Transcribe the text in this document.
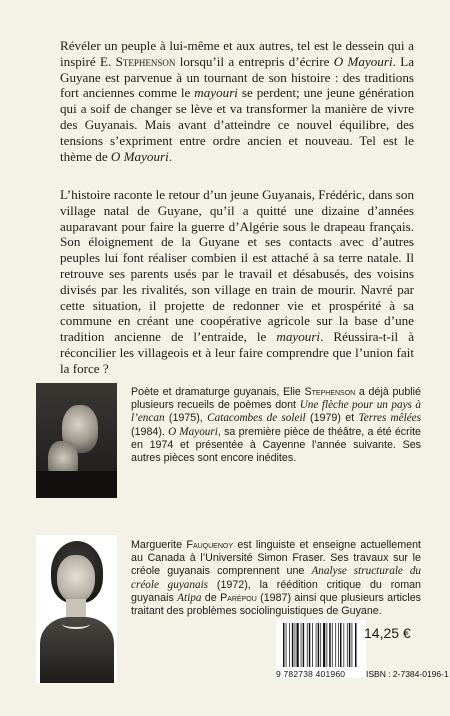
Révéler un peuple à lui-même et aux autres, tel est le dessein qui a inspiré E. Stephenson lorsqu’il a entrepris d’écrire O Mayouri. La Guyane est parvenue à un tournant de son histoire : des traditions fort anciennes comme le mayouri se perdent; une jeune génération qui a soif de changer se lève et va transformer la manière de vivre des Guyanais. Mais avant d’atteindre ce nouvel équilibre, des tensions s’expriment entre ordre ancien et nouveau. Tel est le thème de O Mayouri.

L’histoire raconte le retour d’un jeune Guyanais, Frédéric, dans son village natal de Guyane, qu’il a quitté une dizaine d’années auparavant pour faire la guerre d’Algérie sous le drapeau français. Son éloignement de la Guyane et ses contacts avec d’autres peuples lui font réaliser combien il est attaché à sa terre natale. Il retrouve ses parents usés par le travail et désabusés, des voisins divisés par les rivalités, son village en train de mourir. Navré par cette situation, il projette de redonner vie et prospérité à sa commune en créant une coopérative agricole sur la base d’une tradition ancienne de l’entraide, le mayouri. Réussira-t-il à réconcilier les villageois et à leur faire comprendre que l’union fait la force ?

Poète et dramaturge guyanais, Elie Stephenson a déjà publié plusieurs recueils de poèmes dont Une flèche pour un pays à l’encan (1975), Catacombes de soleil (1979) et Terres mêlées (1984). O Mayouri, sa première pièce de théâtre, a été écrite en 1974 et présentée à Cayenne l’année suivante. Ses autres pièces sont encore inédites.
Marguerite Fauquenoy est linguiste et enseigne actuellement au Canada à l’Université Simon Fraser. Ses travaux sur le créole guyanais comprennent une Analyse structurale du créole guyanais (1972), la réédition critique du roman guyanais Atipa de Parépou (1987) ainsi que plusieurs articles traitant des problèmes sociolinguistiques de Guyane.
9 782738 401960
14,25 €
ISBN : 2-7384-0196-1
